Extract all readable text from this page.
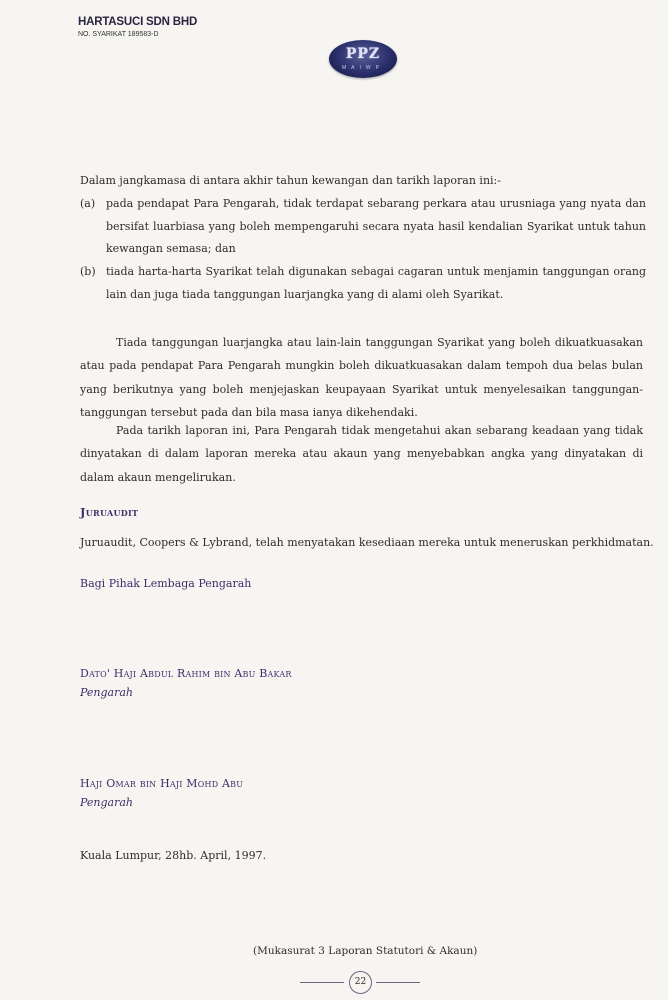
HARTASUCI SDN BHD
NO. SYARIKAT 189583-D
PPZ
MAIWP
Dalam jangkamasa di antara akhir tahun kewangan dan tarikh laporan ini:-
(a) pada pendapat Para Pengarah, tidak terdapat sebarang perkara atau urusniaga yang nyata dan bersifat luarbiasa yang boleh mempengaruhi secara nyata hasil kendalian Syarikat untuk tahun kewangan semasa; dan
(b) tiada harta-harta Syarikat telah digunakan sebagai cagaran untuk menjamin tanggungan orang lain dan juga tiada tanggungan luarjangka yang di alami oleh Syarikat.
Tiada tanggungan luarjangka atau lain-lain tanggungan Syarikat yang boleh dikuatkuasakan atau pada pendapat Para Pengarah mungkin boleh dikuatkuasakan dalam tempoh dua belas bulan yang berikutnya yang boleh menjejaskan keupayaan Syarikat untuk menyelesaikan tanggungan-tanggungan tersebut pada dan bila masa ianya dikehendaki.
Pada tarikh laporan ini, Para Pengarah tidak mengetahui akan sebarang keadaan yang tidak dinyatakan di dalam laporan mereka atau akaun yang menyebabkan angka yang dinyatakan di dalam akaun mengelirukan.
Juruaudit
Juruaudit, Coopers & Lybrand, telah menyatakan kesediaan mereka untuk meneruskan perkhidmatan.
Bagi Pihak Lembaga Pengarah
Dato' Haji Abdul Rahim bin Abu Bakar
Pengarah
Haji Omar bin Haji Mohd Abu
Pengarah
Kuala Lumpur, 28hb. April, 1997.
(Mukasurat 3 Laporan Statutori & Akaun)
22
